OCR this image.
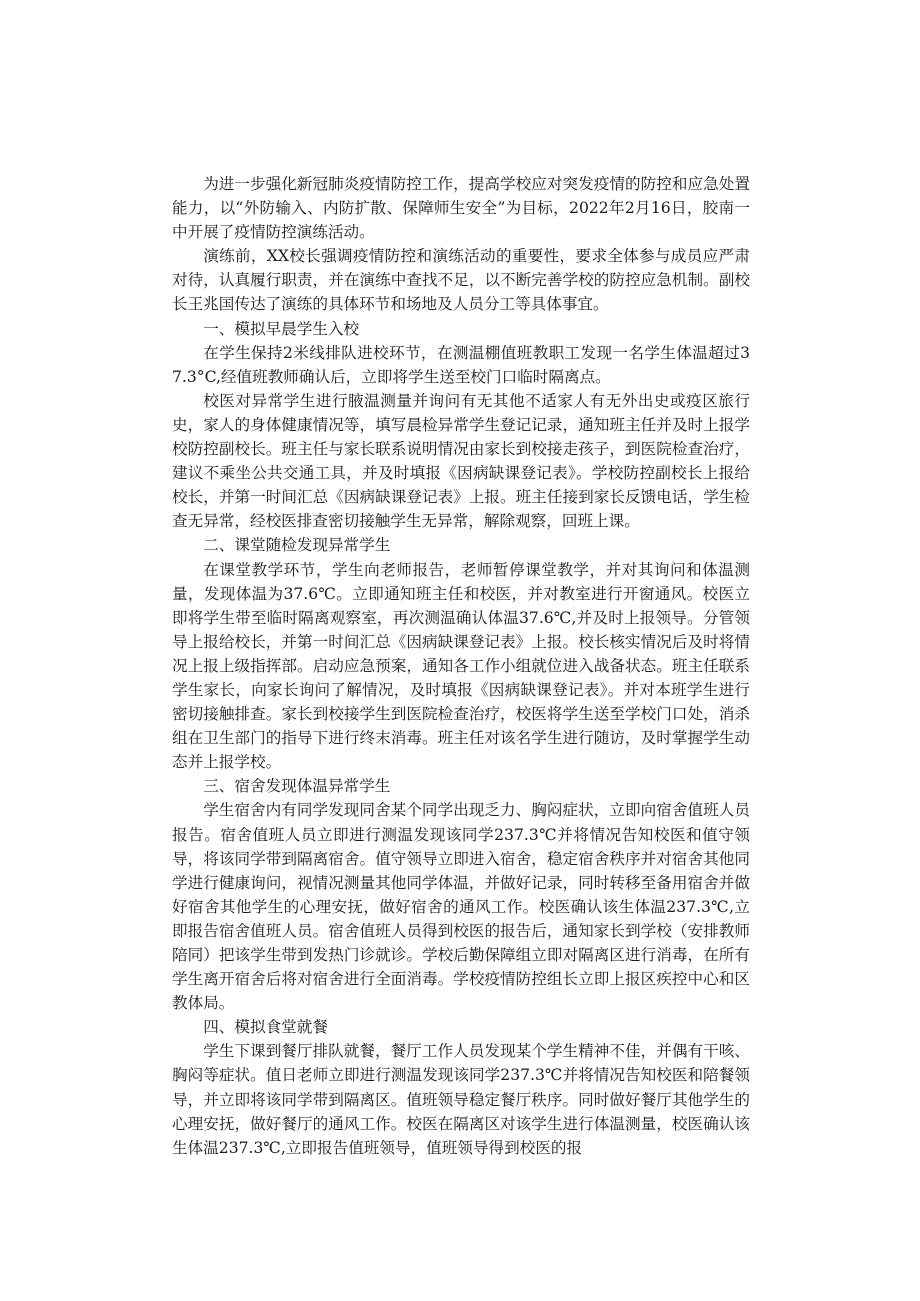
为进一步强化新冠肺炎疫情防控工作，提高学校应对突发疫情的防控和应急处置能力，以“外防输入、内防扩散、保障师生安全”为目标，2022年2月16日，胶南一中开展了疫情防控演练活动。

演练前，XX校长强调疫情防控和演练活动的重要性，要求全体参与成员应严肃对待，认真履行职责，并在演练中查找不足，以不断完善学校的防控应急机制。副校长王兆国传达了演练的具体环节和场地及人员分工等具体事宜。

一、模拟早晨学生入校

在学生保持2米线排队进校环节，在测温棚值班教职工发现一名学生体温超过37.3°C,经值班教师确认后，立即将学生送至校门口临时隔离点。

校医对异常学生进行腋温测量并询问有无其他不适家人有无外出史或疫区旅行史，家人的身体健康情况等，填写晨检异常学生登记记录，通知班主任并及时上报学校防控副校长。班主任与家长联系说明情况由家长到校接走孩子，到医院检查治疗，建议不乘坐公共交通工具，并及时填报《因病缺课登记表》。学校防控副校长上报给校长，并第一时间汇总《因病缺课登记表》上报。班主任接到家长反馈电话，学生检查无异常，经校医排查密切接触学生无异常，解除观察，回班上课。

二、课堂随检发现异常学生

在课堂教学环节，学生向老师报告，老师暂停课堂教学，并对其询问和体温测量，发现体温为37.6℃。立即通知班主任和校医，并对教室进行开窗通风。校医立即将学生带至临时隔离观察室，再次测温确认体温37.6℃,并及时上报领导。分管领导上报给校长，并第一时间汇总《因病缺课登记表》上报。校长核实情况后及时将情况上报上级指挥部。启动应急预案，通知各工作小组就位进入战备状态。班主任联系学生家长，向家长询问了解情况，及时填报《因病缺课登记表》。并对本班学生进行密切接触排查。家长到校接学生到医院检查治疗，校医将学生送至学校门口处，消杀组在卫生部门的指导下进行终末消毒。班主任对该名学生进行随访，及时掌握学生动态并上报学校。

三、宿舍发现体温异常学生

学生宿舍内有同学发现同舍某个同学出现乏力、胸闷症状，立即向宿舍值班人员报告。宿舍值班人员立即进行测温发现该同学237.3℃并将情况告知校医和值守领导，将该同学带到隔离宿舍。值守领导立即进入宿舍，稳定宿舍秩序并对宿舍其他同学进行健康询问，视情况测量其他同学体温，并做好记录，同时转移至备用宿舍并做好宿舍其他学生的心理安抚，做好宿舍的通风工作。校医确认该生体温237.3℃,立即报告宿舍值班人员。宿舍值班人员得到校医的报告后，通知家长到学校（安排教师陪同）把该学生带到发热门诊就诊。学校后勤保障组立即对隔离区进行消毒，在所有学生离开宿舍后将对宿舍进行全面消毒。学校疫情防控组长立即上报区疾控中心和区教体局。

四、模拟食堂就餐

学生下课到餐厅排队就餐，餐厅工作人员发现某个学生精神不佳，并偶有干咳、胸闷等症状。值日老师立即进行测温发现该同学237.3℃并将情况告知校医和陪餐领导，并立即将该同学带到隔离区。值班领导稳定餐厅秩序。同时做好餐厅其他学生的心理安抚，做好餐厅的通风工作。校医在隔离区对该学生进行体温测量，校医确认该生体温237.3℃,立即报告值班领导，值班领导得到校医的报
